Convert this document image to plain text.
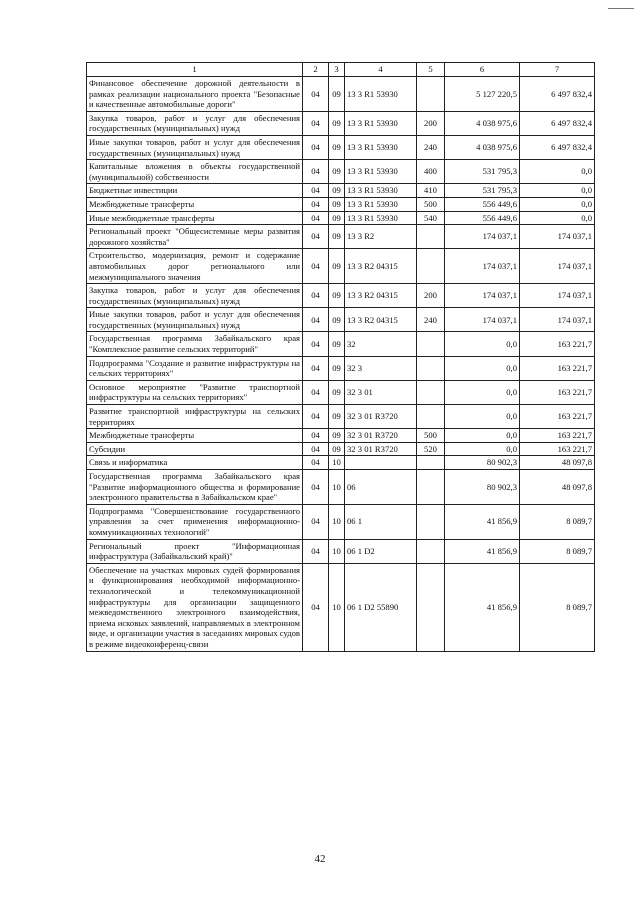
1	2	3	4	5	6	7
Финансовое обеспечение дорожной деятельности в рамках реализации национального проекта "Безопасные и качественные автомобильные дороги"	04	09	13 3 R1 53930		5 127 220,5	6 497 832,4
Закупка товаров, работ и услуг для обеспечения государственных (муниципальных) нужд	04	09	13 3 R1 53930	200	4 038 975,6	6 497 832,4
Иные закупки товаров, работ и услуг для обеспечения государственных (муниципальных) нужд	04	09	13 3 R1 53930	240	4 038 975,6	6 497 832,4
Капитальные вложения в объекты государственной (муниципальной) собственности	04	09	13 3 R1 53930	400	531 795,3	0,0
Бюджетные инвестиции	04	09	13 3 R1 53930	410	531 795,3	0,0
Межбюджетные трансферты	04	09	13 3 R1 53930	500	556 449,6	0,0
Иные межбюджетные трансферты	04	09	13 3 R1 53930	540	556 449,6	0,0
Региональный проект "Общесистемные меры развития дорожного хозяйства"	04	09	13 3 R2		174 037,1	174 037,1
Строительство, модернизация, ремонт и содержание автомобильных дорог регионального или межмуниципального значения	04	09	13 3 R2 04315		174 037,1	174 037,1
Закупка товаров, работ и услуг для обеспечения государственных (муниципальных) нужд	04	09	13 3 R2 04315	200	174 037,1	174 037,1
Иные закупки товаров, работ и услуг для обеспечения государственных (муниципальных) нужд	04	09	13 3 R2 04315	240	174 037,1	174 037,1
Государственная программа Забайкальского края "Комплексное развитие сельских территорий"	04	09	32		0,0	163 221,7
Подпрограмма "Создание и развитие инфраструктуры на сельских территориях"	04	09	32 3		0,0	163 221,7
Основное мероприятие "Развитие транспортной инфраструктуры на сельских территориях"	04	09	32 3 01		0,0	163 221,7
Развитие транспортной инфраструктуры на сельских территориях	04	09	32 3 01 R3720		0,0	163 221,7
Межбюджетные трансферты	04	09	32 3 01 R3720	500	0,0	163 221,7
Субсидии	04	09	32 3 01 R3720	520	0,0	163 221,7
Связь и информатика	04	10			80 902,3	48 097,8
Государственная программа Забайкальского края "Развитие информационного общества и формирование электронного правительства в Забайкальском крае"	04	10	06		80 902,3	48 097,8
Подпрограмма "Совершенствование государственного управления за счет применения информационно-коммуникационных технологий"	04	10	06 1		41 856,9	8 089,7
Региональный проект "Информационная инфраструктура (Забайкальский край)"	04	10	06 1 D2		41 856,9	8 089,7
Обеспечение на участках мировых судей формирования и функционирования необходимой информационно-технологической и телекоммуникационной инфраструктуры для организации защищенного межведомственного электронного взаимодействия, приема исковых заявлений, направляемых в электронном виде, и организации участия в заседаниях мировых судов в режиме видеоконференц-связи	04	10	06 1 D2 55890		41 856,9	8 089,7
42
